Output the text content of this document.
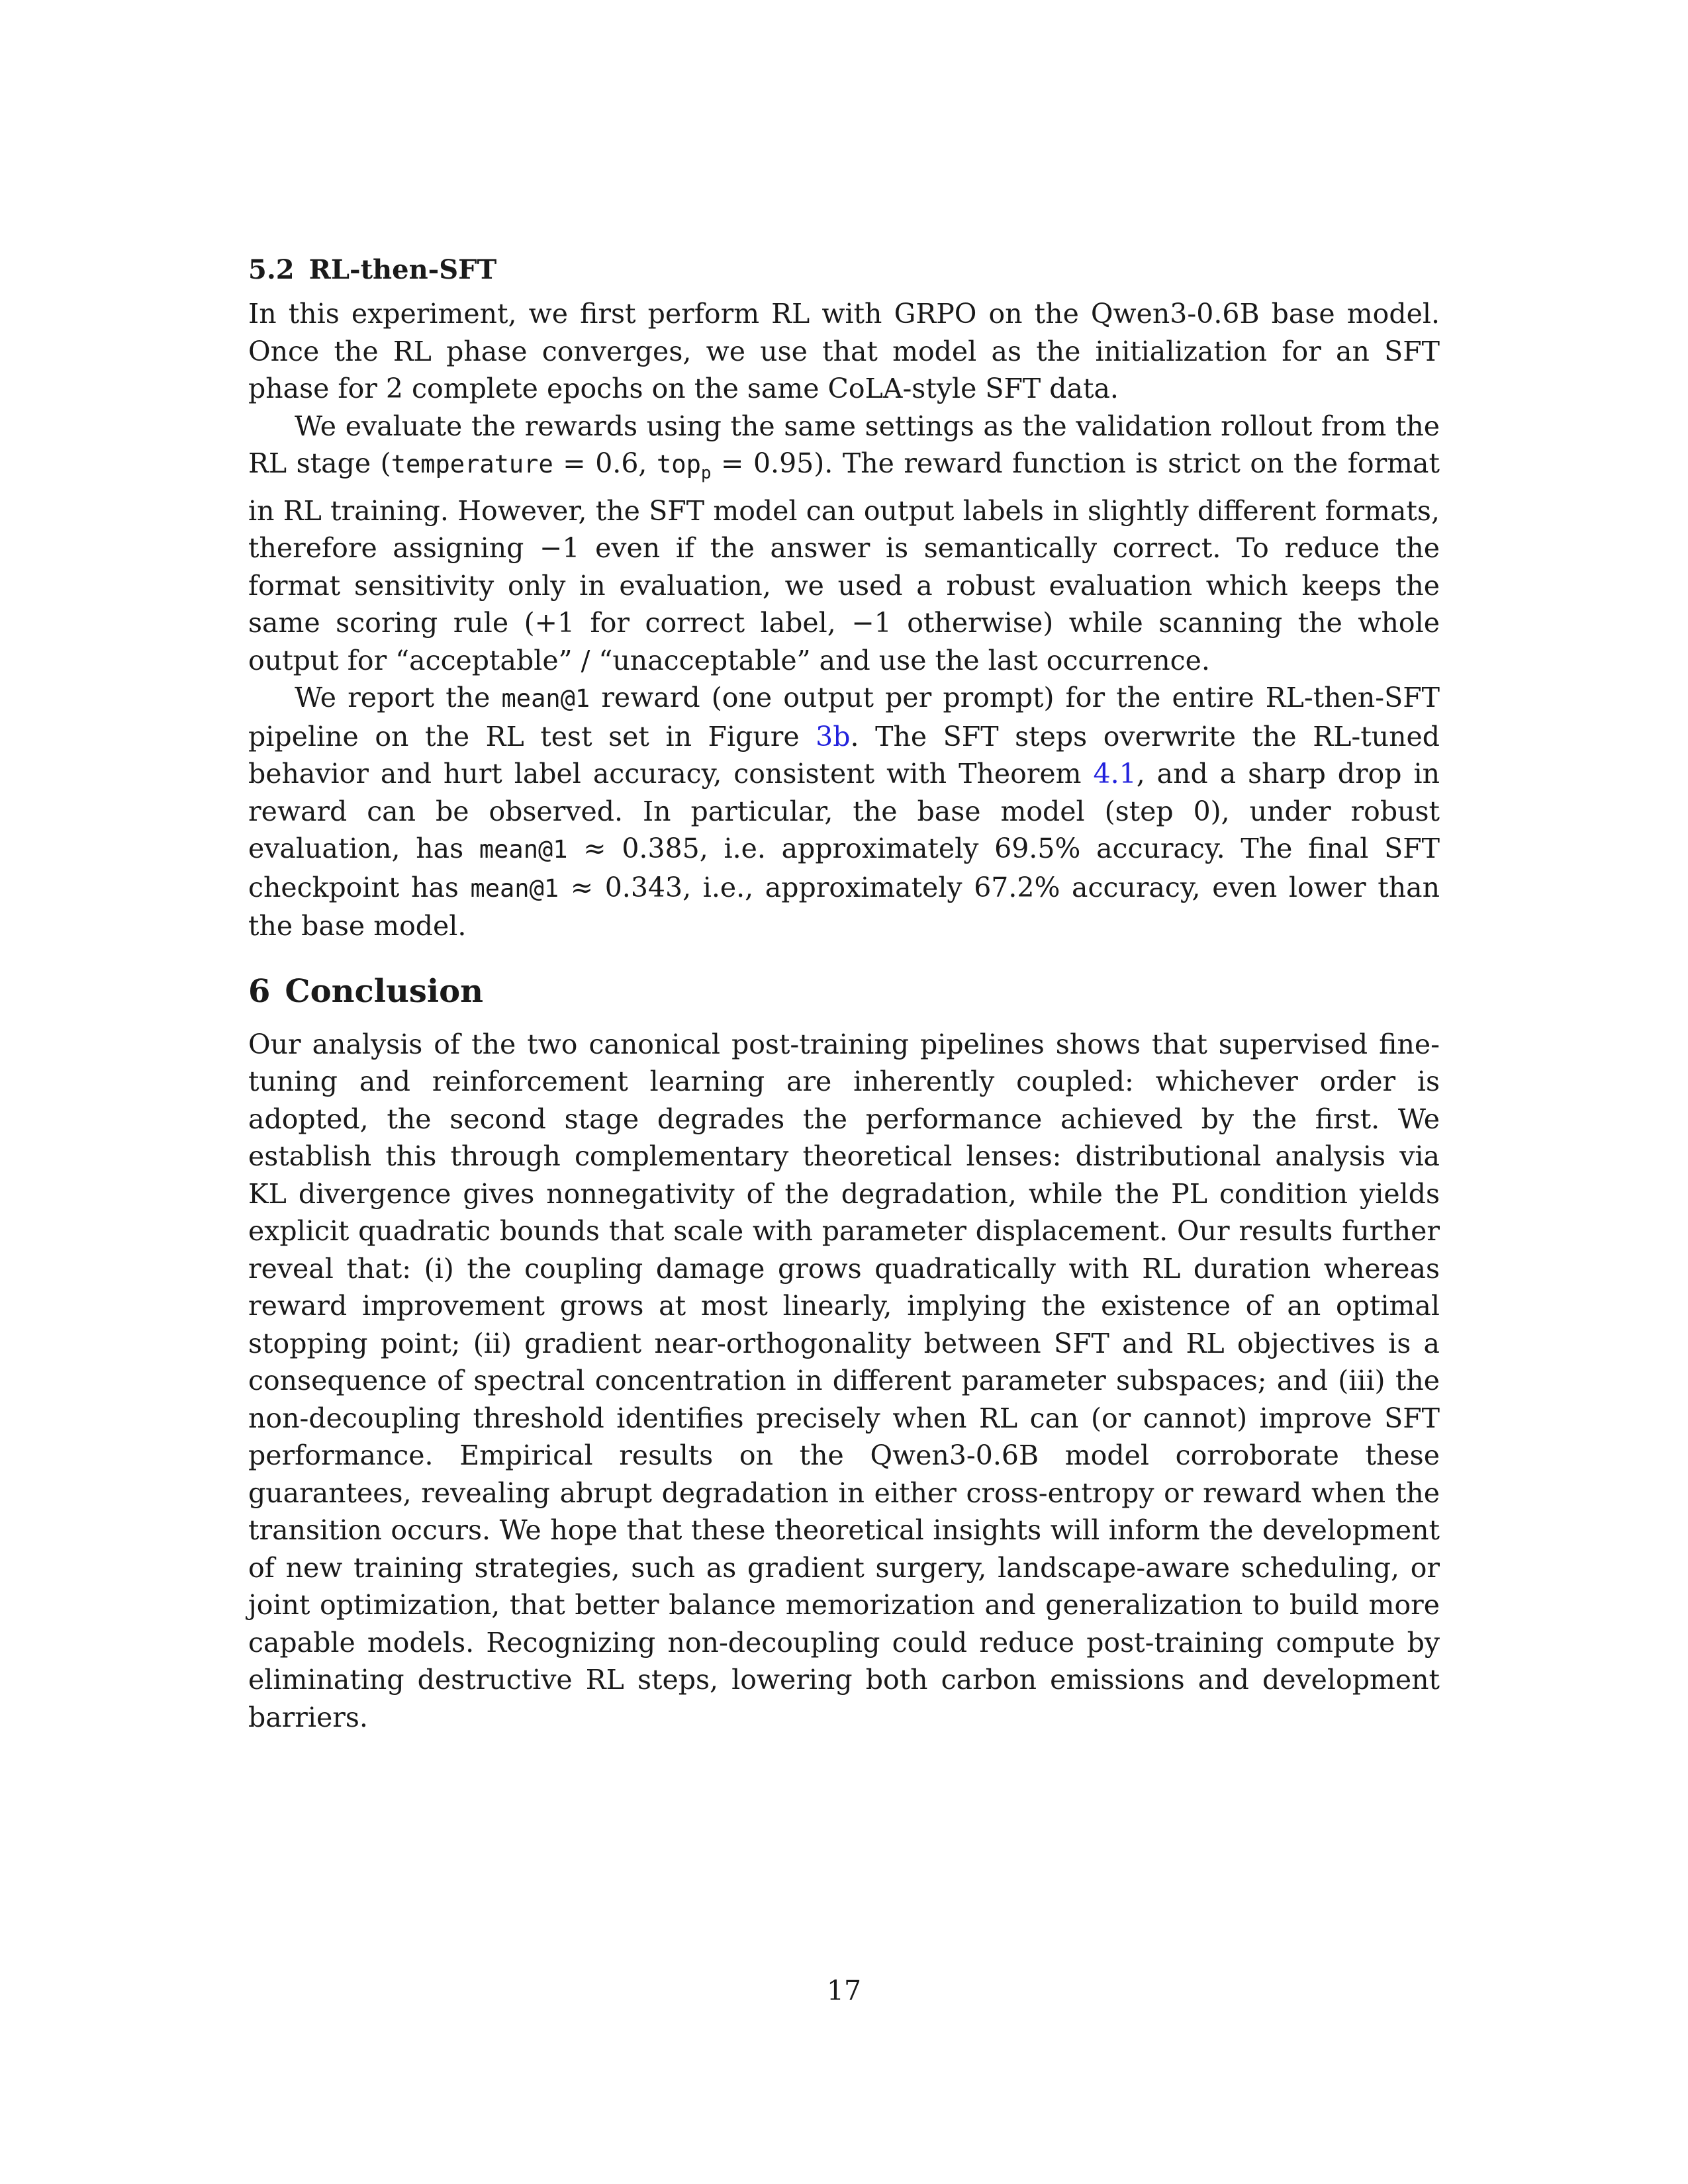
5.2 RL-then-SFT

In this experiment, we first perform RL with GRPO on the Qwen3-0.6B base model. Once the RL phase converges, we use that model as the initialization for an SFT phase for 2 complete epochs on the same CoLA-style SFT data.

We evaluate the rewards using the same settings as the validation rollout from the RL stage (temperature = 0.6, top$_p$ = 0.95). The reward function is strict on the format in RL training. However, the SFT model can output labels in slightly different formats, therefore assigning −1 even if the answer is semantically correct. To reduce the format sensitivity only in evaluation, we used a robust evaluation which keeps the same scoring rule (+1 for correct label, −1 otherwise) while scanning the whole output for “acceptable” / “unacceptable” and use the last occurrence.

We report the mean@1 reward (one output per prompt) for the entire RL-then-SFT pipeline on the RL test set in Figure 3b. The SFT steps overwrite the RL-tuned behavior and hurt label accuracy, consistent with Theorem 4.1, and a sharp drop in reward can be observed. In particular, the base model (step 0), under robust evaluation, has mean@1 ≈ 0.385, i.e. approximately 69.5% accuracy. The final SFT checkpoint has mean@1 ≈ 0.343, i.e., approximately 67.2% accuracy, even lower than the base model.

6 Conclusion

Our analysis of the two canonical post-training pipelines shows that supervised fine-tuning and reinforcement learning are inherently coupled: whichever order is adopted, the second stage degrades the performance achieved by the first. We establish this through complementary theoretical lenses: distributional analysis via KL divergence gives nonnegativity of the degradation, while the PL condition yields explicit quadratic bounds that scale with parameter displacement. Our results further reveal that: (i) the coupling damage grows quadratically with RL duration whereas reward improvement grows at most linearly, implying the existence of an optimal stopping point; (ii) gradient near-orthogonality between SFT and RL objectives is a consequence of spectral concentration in different parameter subspaces; and (iii) the non-decoupling threshold identifies precisely when RL can (or cannot) improve SFT performance. Empirical results on the Qwen3-0.6B model corroborate these guarantees, revealing abrupt degradation in either cross-entropy or reward when the transition occurs. We hope that these theoretical insights will inform the development of new training strategies, such as gradient surgery, landscape-aware scheduling, or joint optimization, that better balance memorization and generalization to build more capable models. Recognizing non-decoupling could reduce post-training compute by eliminating destructive RL steps, lowering both carbon emissions and development barriers.

17
